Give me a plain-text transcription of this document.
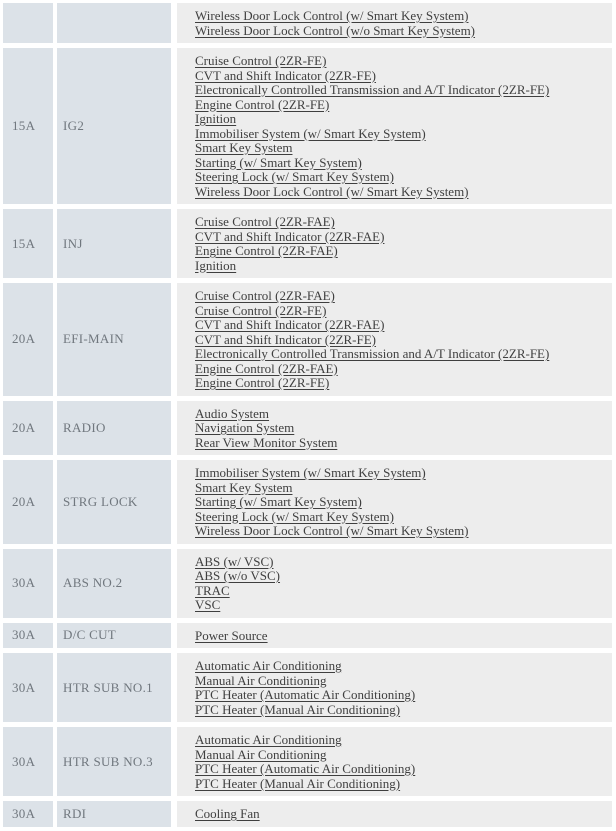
Wireless Door Lock Control (w/ Smart Key System)
Wireless Door Lock Control (w/o Smart Key System)
15A IG2
Cruise Control (2ZR-FE)
CVT and Shift Indicator (2ZR-FE)
Electronically Controlled Transmission and A/T Indicator (2ZR-FE)
Engine Control (2ZR-FE)
Ignition
Immobiliser System (w/ Smart Key System)
Smart Key System
Starting (w/ Smart Key System)
Steering Lock (w/ Smart Key System)
Wireless Door Lock Control (w/ Smart Key System)
15A INJ
Cruise Control (2ZR-FAE)
CVT and Shift Indicator (2ZR-FAE)
Engine Control (2ZR-FAE)
Ignition
20A EFI-MAIN
Cruise Control (2ZR-FAE)
Cruise Control (2ZR-FE)
CVT and Shift Indicator (2ZR-FAE)
CVT and Shift Indicator (2ZR-FE)
Electronically Controlled Transmission and A/T Indicator (2ZR-FE)
Engine Control (2ZR-FAE)
Engine Control (2ZR-FE)
20A RADIO
Audio System
Navigation System
Rear View Monitor System
20A STRG LOCK
Immobiliser System (w/ Smart Key System)
Smart Key System
Starting (w/ Smart Key System)
Steering Lock (w/ Smart Key System)
Wireless Door Lock Control (w/ Smart Key System)
30A ABS NO.2
ABS (w/ VSC)
ABS (w/o VSC)
TRAC
VSC
30A D/C CUT	Power Source
30A HTR SUB NO.1
Automatic Air Conditioning
Manual Air Conditioning
PTC Heater (Automatic Air Conditioning)
PTC Heater (Manual Air Conditioning)
30A HTR SUB NO.3
Automatic Air Conditioning
Manual Air Conditioning
PTC Heater (Automatic Air Conditioning)
PTC Heater (Manual Air Conditioning)
30A RDI	Cooling Fan
